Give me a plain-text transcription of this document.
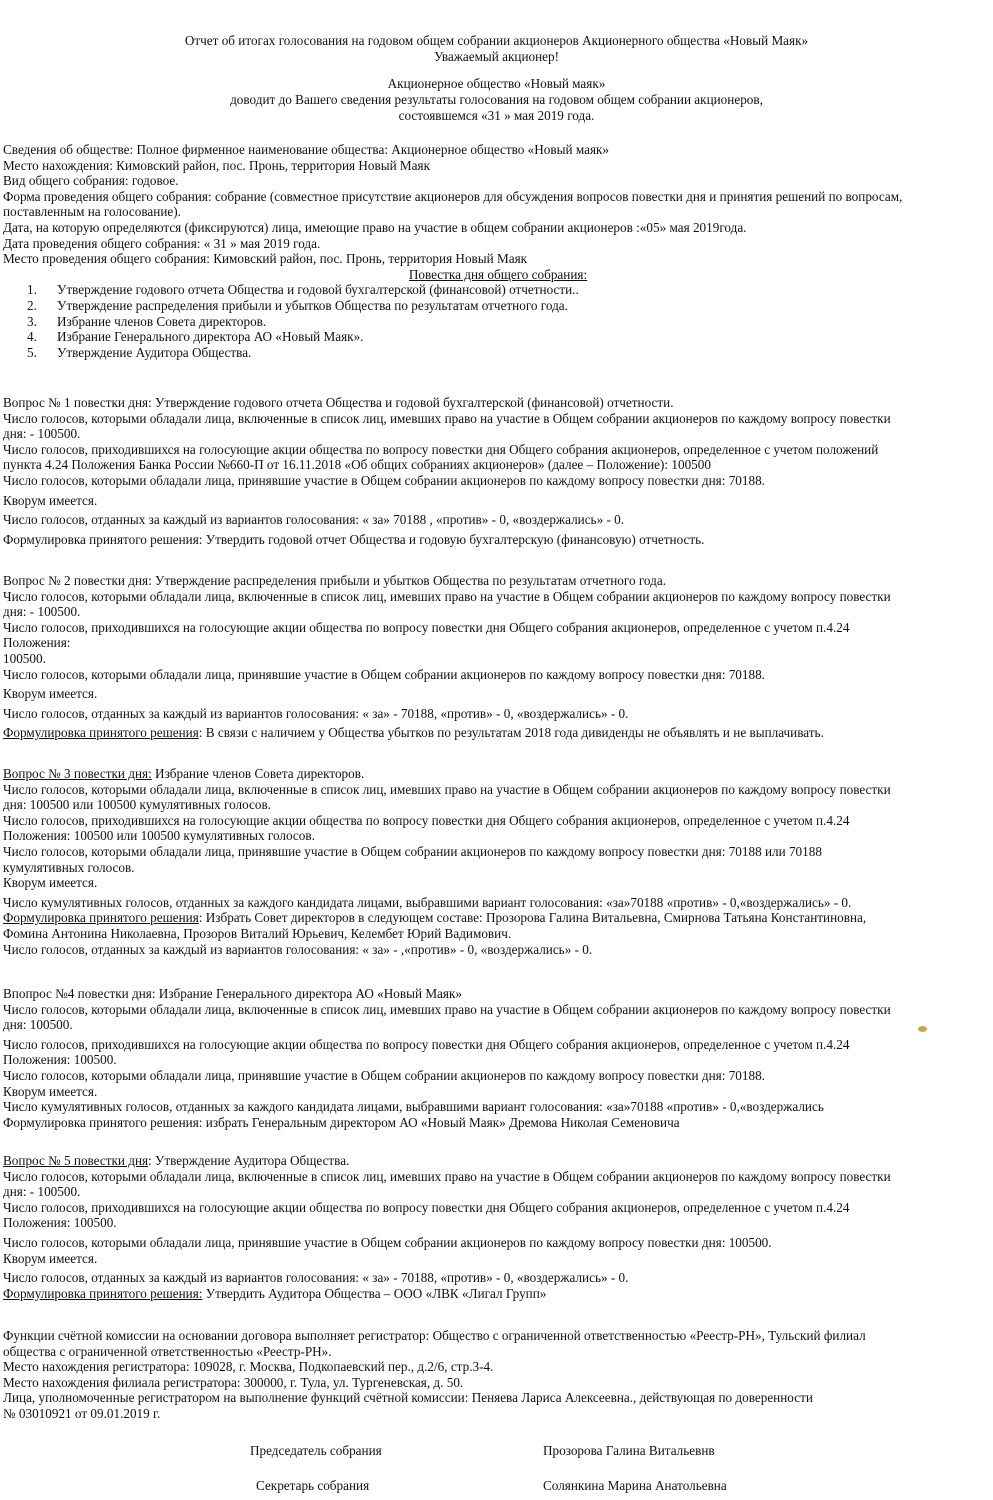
Отчет об итогах голосования на годовом общем собрании акционеров Акционерного общества «Новый Маяк»
Уважаемый акционер!
Акционерное общество «Новый маяк»
доводит до Вашего сведения результаты голосования на годовом общем собрании акционеров,
состоявшемся «31 » мая 2019 года.
Сведения об обществе: Полное фирменное наименование общества: Акционерное общество «Новый маяк»
Место нахождения: Кимовский район, пос. Пронь, территория Новый Маяк
Вид общего собрания: годовое.
Форма проведения общего собрания: собрание (совместное присутствие акционеров для обсуждения вопросов повестки дня и принятия решений по вопросам,
поставленным на голосование).
Дата, на которую определяются (фиксируются) лица, имеющие право на участие в общем собрании акционеров :«05» мая 2019года.
Дата проведения общего собрания: « 31 » мая 2019 года.
Место проведения общего собрания: Кимовский район, пос. Пронь, территория Новый Маяк
Повестка дня общего собрания:
1. Утверждение годового отчета Общества и годовой бухгалтерской (финансовой) отчетности..
2. Утверждение распределения прибыли и убытков Общества по результатам отчетного года.
3. Избрание членов Совета директоров.
4. Избрание Генерального директора АО «Новый Маяк».
5. Утверждение Аудитора Общества.
Вопрос № 1 повестки дня: Утверждение годового отчета Общества и годовой бухгалтерской (финансовой) отчетности.
Число голосов, которыми обладали лица, включенные в список лиц, имевших право на участие в Общем собрании акционеров по каждому вопросу повестки
дня: - 100500.
Число голосов, приходившихся на голосующие акции общества по вопросу повестки дня Общего собрания акционеров, определенное с учетом положений
пункта 4.24 Положения Банка России №660-П от 16.11.2018 «Об общих собраниях акционеров» (далее – Положение): 100500
Число голосов, которыми обладали лица, принявшие участие в Общем собрании акционеров по каждому вопросу повестки дня: 70188.
Кворум имеется.
Число голосов, отданных за каждый из вариантов голосования: « за» 70188 , «против» - 0, «воздержались» - 0.
Формулировка принятого решения: Утвердить годовой отчет Общества и годовую бухгалтерскую (финансовую) отчетность.
Вопрос № 2 повестки дня: Утверждение распределения прибыли и убытков Общества по результатам отчетного года.
Число голосов, которыми обладали лица, включенные в список лиц, имевших право на участие в Общем собрании акционеров по каждому вопросу повестки
дня: - 100500.
Число голосов, приходившихся на голосующие акции общества по вопросу повестки дня Общего собрания акционеров, определенное с учетом п.4.24
Положения:
100500.
Число голосов, которыми обладали лица, принявшие участие в Общем собрании акционеров по каждому вопросу повестки дня: 70188.
Кворум имеется.
Число голосов, отданных за каждый из вариантов голосования: « за» - 70188, «против» - 0, «воздержались» - 0.
Формулировка принятого решения: В связи с наличием у Общества убытков по результатам 2018 года дивиденды не объявлять и не выплачивать.
Вопрос № 3 повестки дня: Избрание членов Совета директоров.
Число голосов, которыми обладали лица, включенные в список лиц, имевших право на участие в Общем собрании акционеров по каждому вопросу повестки
дня: 100500 или 100500 кумулятивных голосов.
Число голосов, приходившихся на голосующие акции общества по вопросу повестки дня Общего собрания акционеров, определенное с учетом п.4.24
Положения: 100500 или 100500 кумулятивных голосов.
Число голосов, которыми обладали лица, принявшие участие в Общем собрании акционеров по каждому вопросу повестки дня: 70188 или 70188
кумулятивных голосов.
Кворум имеется.
Число кумулятивных голосов, отданных за каждого кандидата лицами, выбравшими вариант голосования: «за»70188 «против» - 0,«воздержались» - 0.
Формулировка принятого решения: Избрать Совет директоров в следующем составе: Прозорова Галина Витальевна, Смирнова Татьяна Константиновна,
Фомина Антонина Николаевна, Прозоров Виталий Юрьевич, Келембет Юрий Вадимович.
Число голосов, отданных за каждый из вариантов голосования: « за» - ,«против» - 0, «воздержались» - 0.
Впопрос №4 повестки дня: Избрание Генерального директора АО «Новый Маяк»
Число голосов, которыми обладали лица, включенные в список лиц, имевших право на участие в Общем собрании акционеров по каждому вопросу повестки
дня: 100500.
Число голосов, приходившихся на голосующие акции общества по вопросу повестки дня Общего собрания акционеров, определенное с учетом п.4.24
Положения: 100500.
Число голосов, которыми обладали лица, принявшие участие в Общем собрании акционеров по каждому вопросу повестки дня: 70188.
Кворум имеется.
Число кумулятивных голосов, отданных за каждого кандидата лицами, выбравшими вариант голосования: «за»70188 «против» - 0,«воздержались
Формулировка принятого решения: избрать Генеральным директором АО «Новый Маяк» Дремова Николая Семеновича
Вопрос № 5 повестки дня: Утверждение Аудитора Общества.
Число голосов, которыми обладали лица, включенные в список лиц, имевших право на участие в Общем собрании акционеров по каждому вопросу повестки
дня: - 100500.
Число голосов, приходившихся на голосующие акции общества по вопросу повестки дня Общего собрания акционеров, определенное с учетом п.4.24
Положения: 100500.
Число голосов, которыми обладали лица, принявшие участие в Общем собрании акционеров по каждому вопросу повестки дня: 100500.
Кворум имеется.
Число голосов, отданных за каждый из вариантов голосования: « за» - 70188, «против» - 0, «воздержались» - 0.
Формулировка принятого решения: Утвердить Аудитора Общества – ООО «ЛВК «Лигал Групп»
Функции счётной комиссии на основании договора выполняет регистратор: Общество с ограниченной ответственностью «Реестр-РН», Тульский филиал
общества с ограниченной ответственностью «Реестр-РН».
Место нахождения регистратора: 109028, г. Москва, Подкопаевский пер., д.2/6, стр.3-4.
Место нахождения филиала регистратора: 300000, г. Тула, ул. Тургеневская, д. 50.
Лица, уполномоченные регистратором на выполнение функций счётной комиссии: Пеняева Лариса Алексеевна., действующая по доверенности
№ 03010921 от 09.01.2019 г.
Председатель собрания	Прозорова Галина Витальевнв
Секретарь собрания	Солянкина Марина Анатольевна
